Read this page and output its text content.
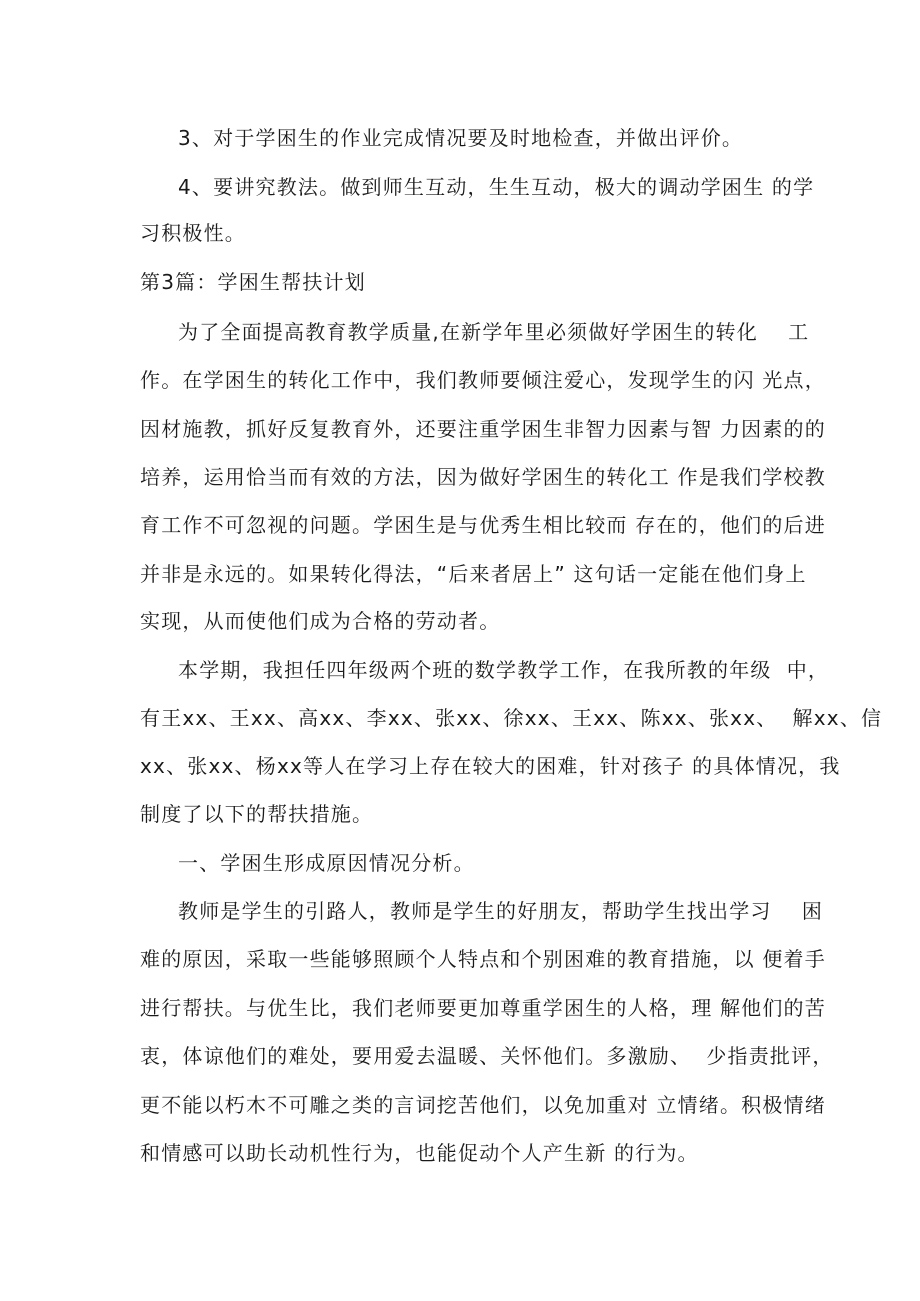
3、对于学困生的作业完成情况要及时地检查，并做出评价。
4、要讲究教法。做到师生互动，生生互动，极大的调动学困生 的学
习积极性。
第3篇：学困生帮扶计划
为了全面提高教育教学质量,在新学年里必须做好学困生的转化    工
作。在学困生的转化工作中，我们教师要倾注爱心，发现学生的闪 光点，
因材施教，抓好反复教育外，还要注重学困生非智力因素与智 力因素的的
培养，运用恰当而有效的方法，因为做好学困生的转化工 作是我们学校教
育工作不可忽视的问题。学困生是与优秀生相比较而 存在的，他们的后进
并非是永远的。如果转化得法，“后来者居上” 这句话一定能在他们身上
实现，从而使他们成为合格的劳动者。
本学期，我担任四年级两个班的数学教学工作，在我所教的年级  中，
有王xx、王xx、高xx、李xx、张xx、徐xx、王xx、陈xx、张xx、  解xx、信
xx、张xx、杨xx等人在学习上存在较大的困难，针对孩子 的具体情况，我
制度了以下的帮扶措施。
一、学困生形成原因情况分析。
教师是学生的引路人，教师是学生的好朋友，帮助学生找出学习    困
难的原因，采取一些能够照顾个人特点和个别困难的教育措施，以 便着手
进行帮扶。与优生比，我们老师要更加尊重学困生的人格，理 解他们的苦
衷，体谅他们的难处，要用爱去温暖、关怀他们。多激励、  少指责批评，
更不能以朽木不可雕之类的言词挖苦他们，以免加重对 立情绪。积极情绪
和情感可以助长动机性行为，也能促动个人产生新 的行为。
